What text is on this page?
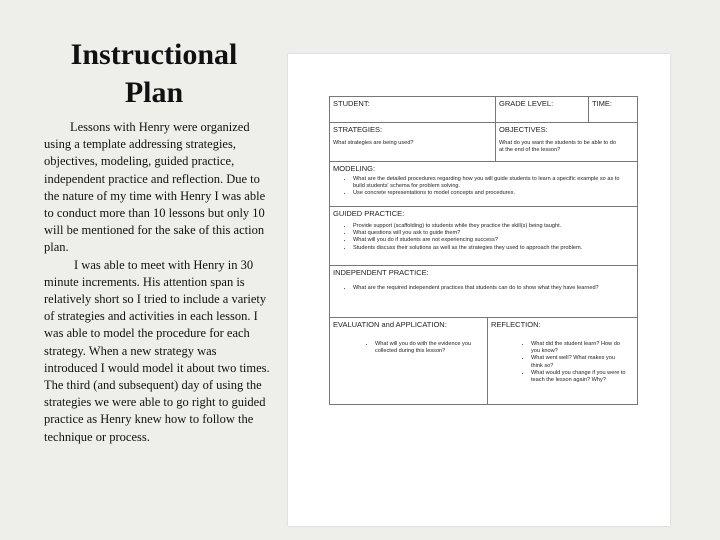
Instructional
Plan

Lessons with Henry were organized using a template addressing strategies, objectives, modeling, guided practice, independent practice and reflection. Due to the nature of my time with Henry I was able to conduct more than 10 lessons but only 10 will be mentioned for the sake of this action plan.

I was able to meet with Henry in 30 minute increments. His attention span is relatively short so I tried to include a variety of strategies and activities in each lesson. I was able to model the procedure for each strategy. When a new strategy was introduced I would model it about two times. The third (and subsequent) day of using the strategies we were able to go right to guided practice as Henry knew how to follow the technique or process.

STUDENT:	GRADE LEVEL:	TIME:
STRATEGIES:
What strategies are being used?
OBJECTIVES:
What do you want the students to be able to do at the end of the lesson?
MODELING:
• What are the detailed procedures regarding how you will guide students to learn a specific example so as to build students' schema for problem solving.
• Use concrete representations to model concepts and procedures.
GUIDED PRACTICE:
• Provide support (scaffolding) to students while they practice the skill(s) being taught.
• What questions will you ask to guide them?
• What will you do if students are not experiencing success?
• Students discuss their solutions as well as the strategies they used to approach the problem.
INDEPENDENT PRACTICE:
• What are the required independent practices that students can do to show what they have learned?
EVALUATION and APPLICATION:
• What will you do with the evidence you collected during this lesson?
REFLECTION:
• What did the student learn? How do you know?
• What went well? What makes you think so?
• What would you change if you were to teach the lesson again? Why?
